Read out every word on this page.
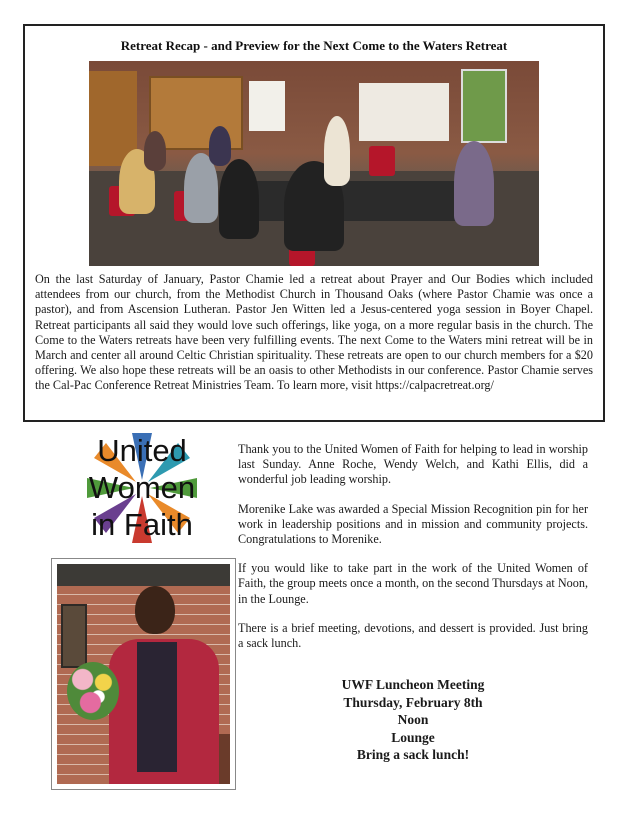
Retreat Recap - and Preview for the Next Come to the Waters Retreat
On the last Saturday of January, Pastor Chamie led a retreat about Prayer and Our Bodies which included attendees from our church, from the Methodist Church in Thousand Oaks (where Pastor Chamie was once a pastor), and from Ascension Lutheran. Pastor Jen Witten led a Jesus-centered yoga session in Boyer Chapel. Retreat participants all said they would love such offerings, like yoga, on a more regular basis in the church. The Come to the Waters retreats have been very fulfilling events. The next Come to the Waters mini retreat will be in March and center all around Celtic Christian spirituality. These retreats are open to our church members for a $20 offering. We also hope these retreats will be an oasis to other Methodists in our conference. Pastor Chamie serves the Cal-Pac Conference Retreat Ministries Team. To learn more, visit https://calpacretreat.org/
United
Women
in Faith

Thank you to the United Women of Faith for helping to lead in worship last Sunday. Anne Roche, Wendy Welch, and Kathi Ellis, did a wonderful job leading worship.

Morenike Lake was awarded a Special Mission Recognition pin for her work in leadership positions and in mission and community projects. Congratulations to Morenike.

If you would like to take part in the work of the United Women of Faith, the group meets once a month, on the second Thursdays at Noon, in the Lounge.

There is a brief meeting, devotions, and dessert is provided. Just bring a sack lunch.

UWF Luncheon Meeting
Thursday, February 8th
Noon
Lounge
Bring a sack lunch!
